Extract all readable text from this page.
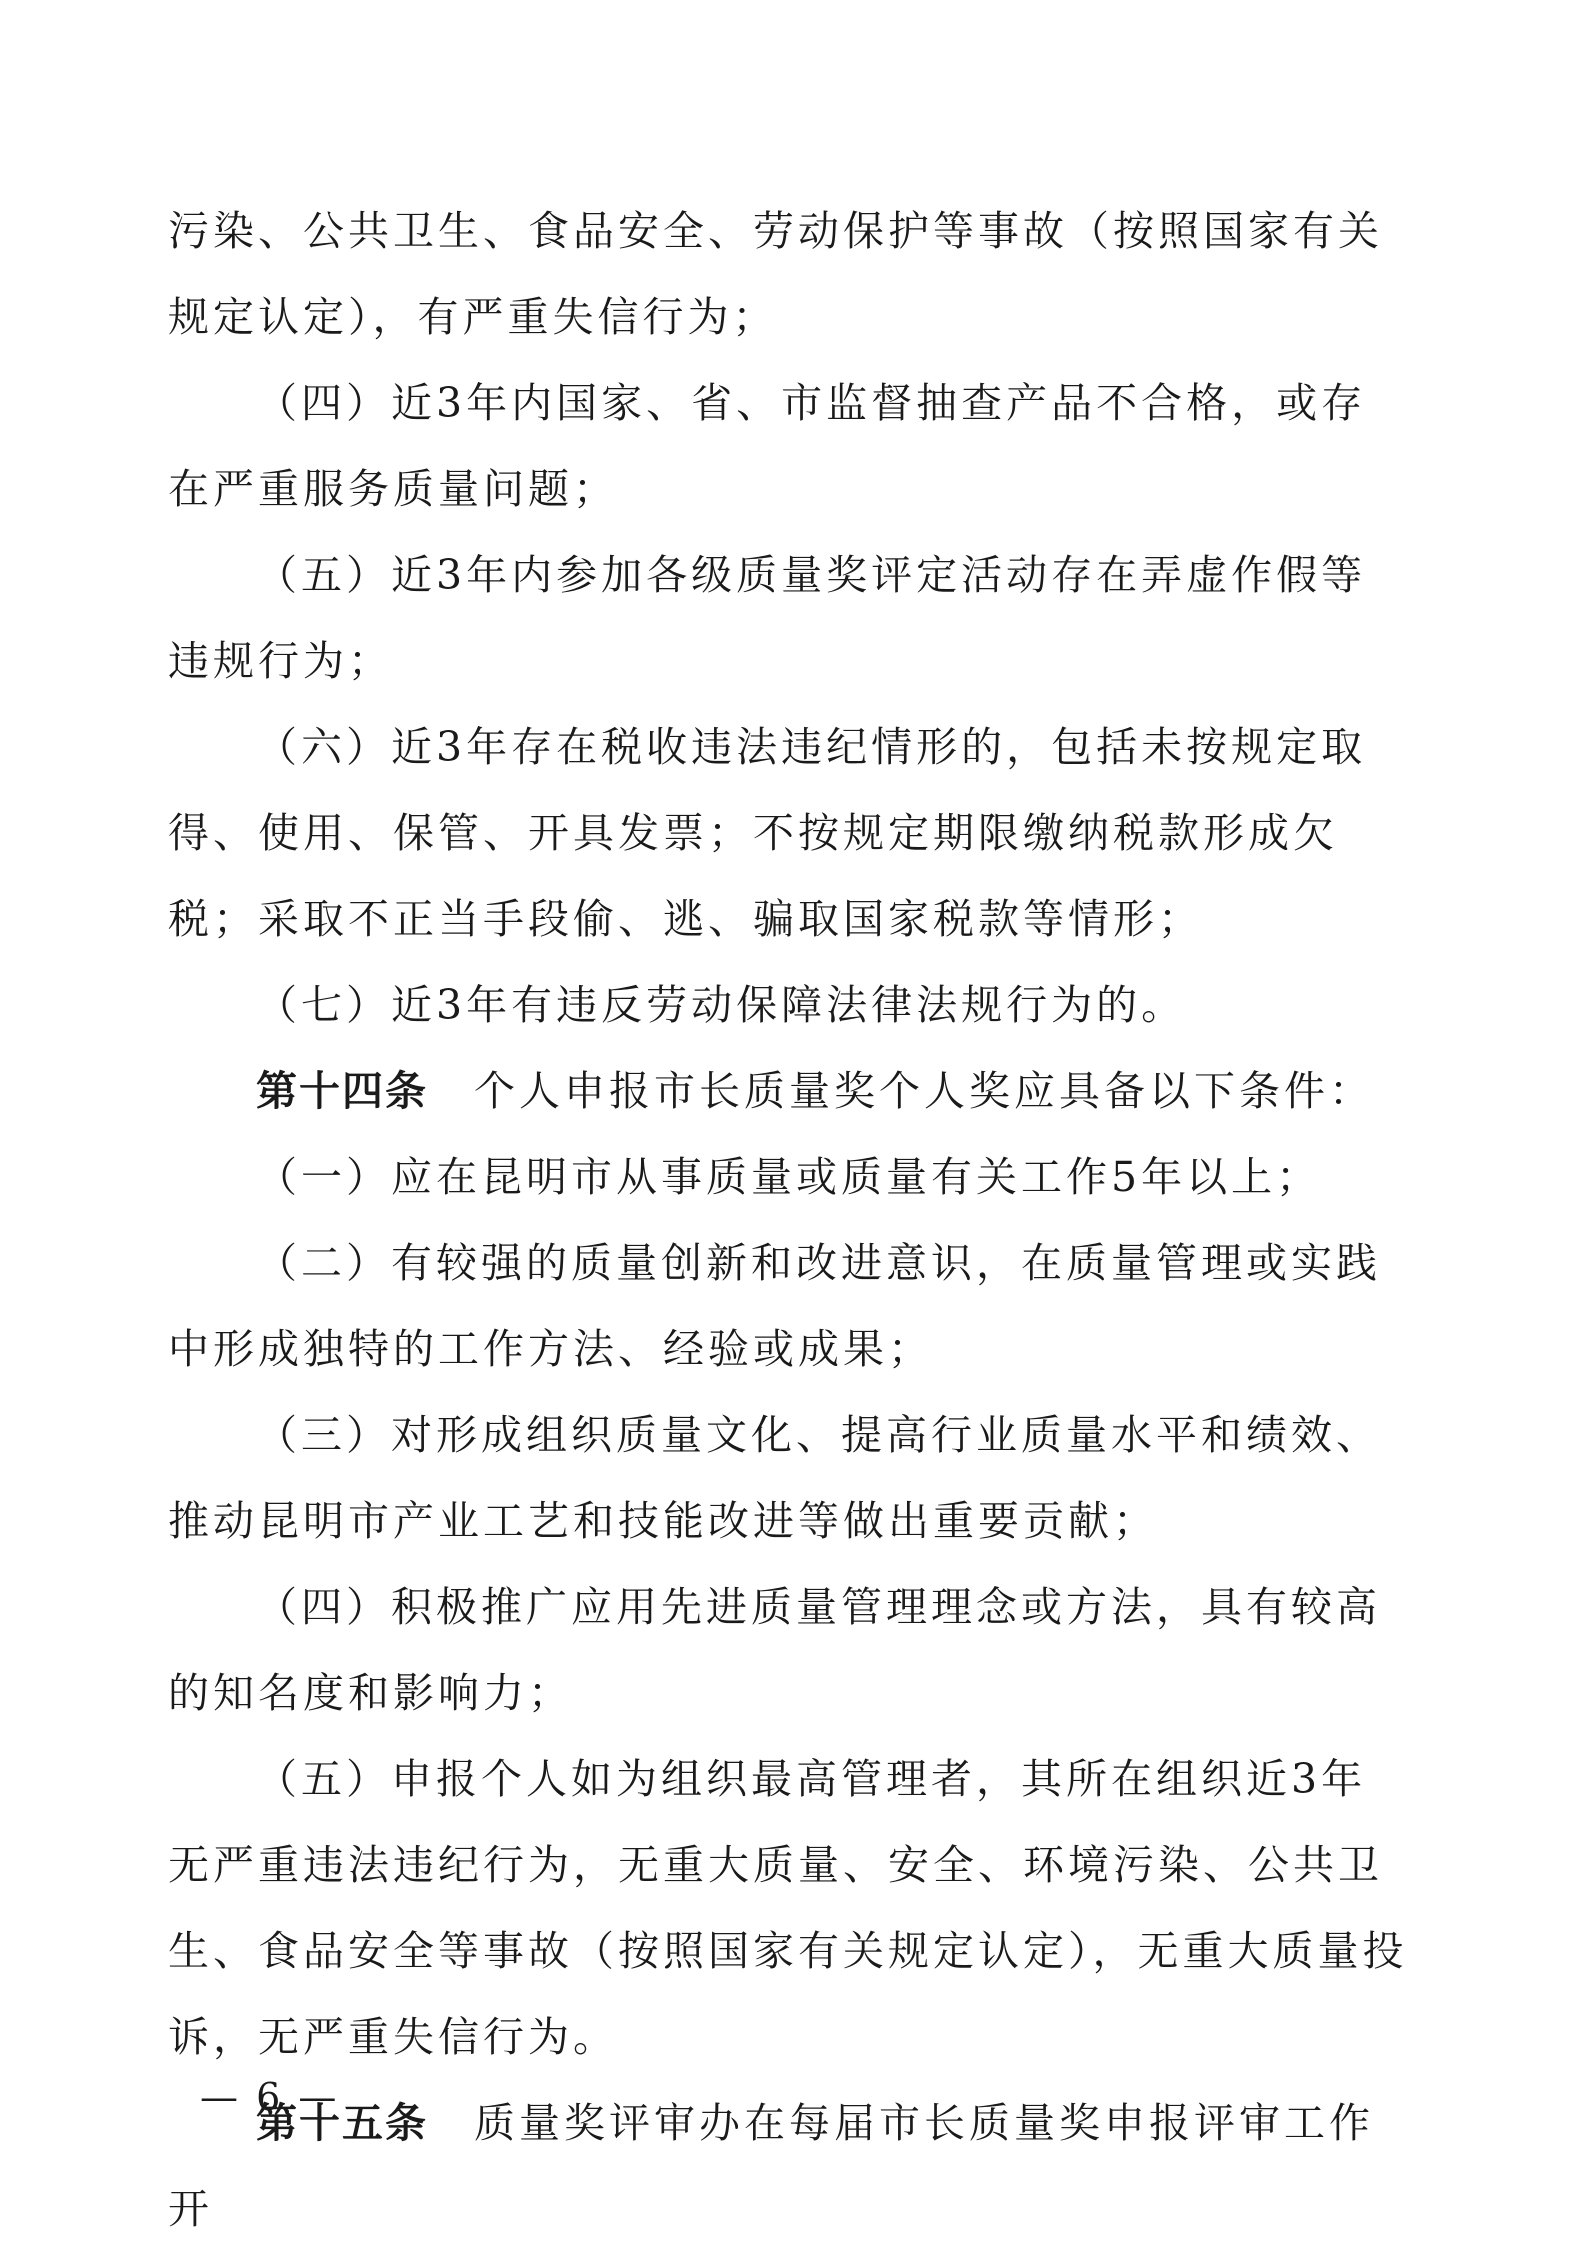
污染、公共卫生、食品安全、劳动保护等事故（按照国家有关规定认定），有严重失信行为；

（四）近3年内国家、省、市监督抽查产品不合格，或存在严重服务质量问题；

（五）近3年内参加各级质量奖评定活动存在弄虚作假等违规行为；

（六）近3年存在税收违法违纪情形的，包括未按规定取得、使用、保管、开具发票；不按规定期限缴纳税款形成欠税；采取不正当手段偷、逃、骗取国家税款等情形；

（七）近3年有违反劳动保障法律法规行为的。

第十四条 个人申报市长质量奖个人奖应具备以下条件：

（一）应在昆明市从事质量或质量有关工作5年以上；

（二）有较强的质量创新和改进意识，在质量管理或实践中形成独特的工作方法、经验或成果；

（三）对形成组织质量文化、提高行业质量水平和绩效、推动昆明市产业工艺和技能改进等做出重要贡献；

（四）积极推广应用先进质量管理理念或方法，具有较高的知名度和影响力；

（五）申报个人如为组织最高管理者，其所在组织近3年无严重违法违纪行为，无重大质量、安全、环境污染、公共卫生、食品安全等事故（按照国家有关规定认定），无重大质量投诉，无严重失信行为。

第十五条 质量奖评审办在每届市长质量奖申报评审工作开

— 6 —
